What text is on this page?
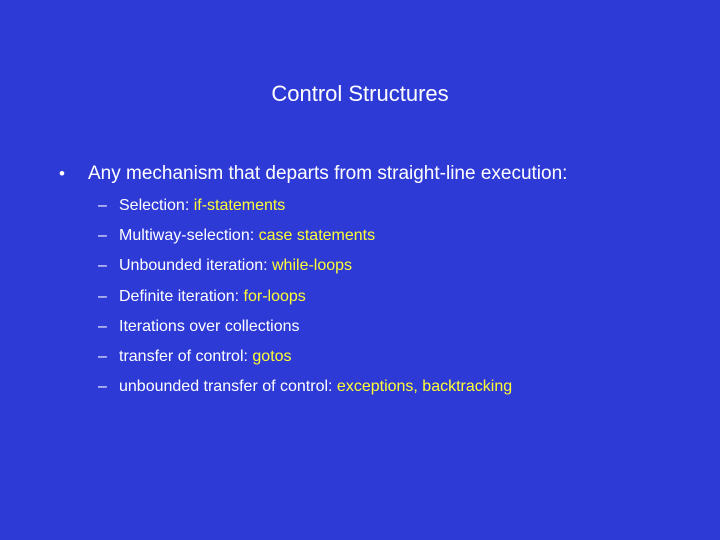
Control Structures
• Any mechanism that departs from straight-line execution:
– Selection: if-statements
– Multiway-selection: case statements
– Unbounded iteration: while-loops
– Definite iteration: for-loops
– Iterations over collections
– transfer of control: gotos
– unbounded transfer of control: exceptions, backtracking
